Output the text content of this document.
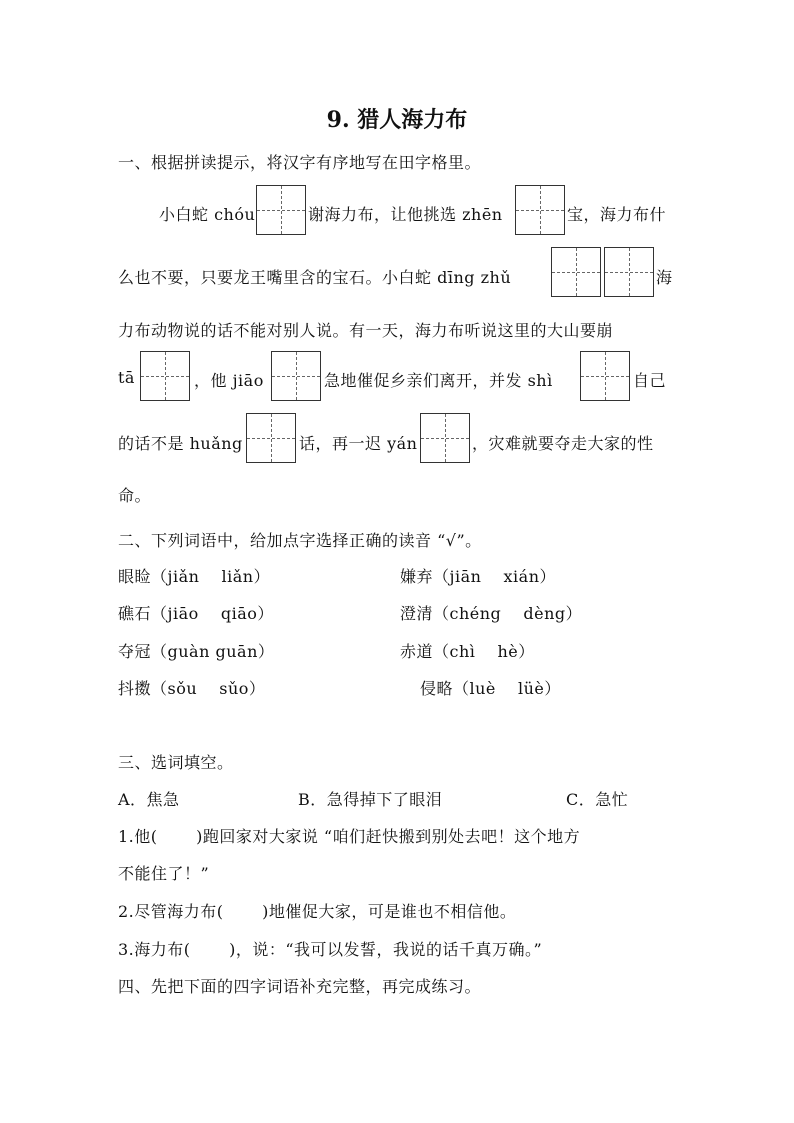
9. 猎人海力布
一、根据拼读提示，将汉字有序地写在田字格里。
小白蛇 chóu	谢海力布，让他挑选 zhēn	宝，海力布什
么也不要，只要龙王嘴里含的宝石。小白蛇 dīng zhǔ	海
力布动物说的话不能对别人说。有一天，海力布听说这里的大山要崩
tā	，他 jiāo	急地催促乡亲们离开，并发 shì	自己
的话不是 huǎng	话，再一迟 yán	，灾难就要夺走大家的性
命。
二、下列词语中，给加点字选择正确的读音 “√”。
眼睑（jiǎn　 liǎn）	嫌弃（jiān　 xián）
礁石（jiāo　 qiāo）	澄清（chéng　 dèng）
夺冠（guàn guān）	赤道（chì　 hè）
抖擞（sǒu　 sǔo）	侵略（luè　 lüè）
三、选词填空。
A．焦急	B．急得掉下了眼泪	C．急忙
1.他(　　 )跑回家对大家说 “咱们赶快搬到别处去吧！这个地方
不能住了！”
2.尽管海力布(　　 )地催促大家，可是谁也不相信他。
3.海力布(　　 )，说：“我可以发誓，我说的话千真万确。”
四、先把下面的四字词语补充完整，再完成练习。
